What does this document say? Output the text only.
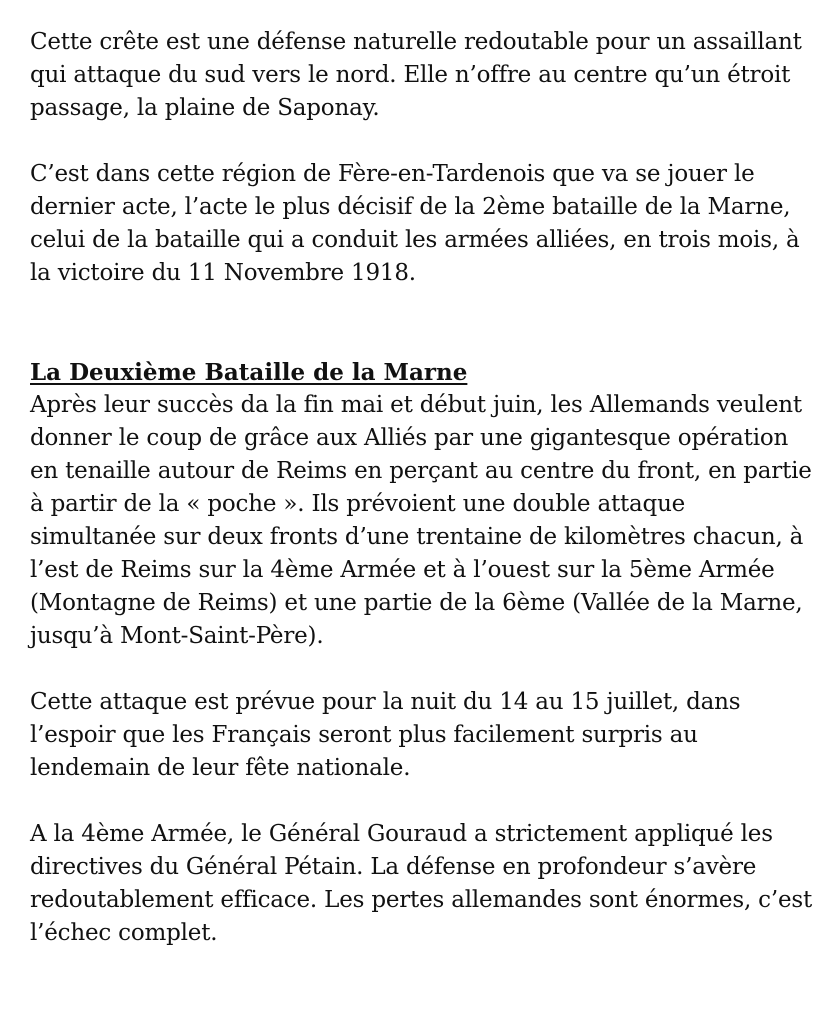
Cette crête est une défense naturelle redoutable pour un assaillant
qui attaque du sud vers le nord. Elle n’offre au centre qu’un étroit
passage, la plaine de Saponay.

C’est dans cette région de Fère-en-Tardenois que va se jouer le
dernier acte, l’acte le plus décisif de la 2ème bataille de la Marne,
celui de la bataille qui a conduit les armées alliées, en trois mois, à
la victoire du 11 Novembre 1918.

La Deuxième Bataille de la Marne

Après leur succès da la fin mai et début juin, les Allemands veulent
donner le coup de grâce aux Alliés par une gigantesque opération
en tenaille autour de Reims en perçant au centre du front, en partie
à partir de la « poche ». Ils prévoient une double attaque
simultanée sur deux fronts d’une trentaine de kilomètres chacun, à
l’est de Reims sur la 4ème Armée et à l’ouest sur la 5ème Armée
(Montagne de Reims) et une partie de la 6ème (Vallée de la Marne,
jusqu’à Mont-Saint-Père).

Cette attaque est prévue pour la nuit du 14 au 15 juillet, dans
l’espoir que les Français seront plus facilement surpris au
lendemain de leur fête nationale.

A la 4ème Armée, le Général Gouraud a strictement appliqué les
directives du Général Pétain. La défense en profondeur s’avère
redoutablement efficace. Les pertes allemandes sont énormes, c’est
l’échec complet.
